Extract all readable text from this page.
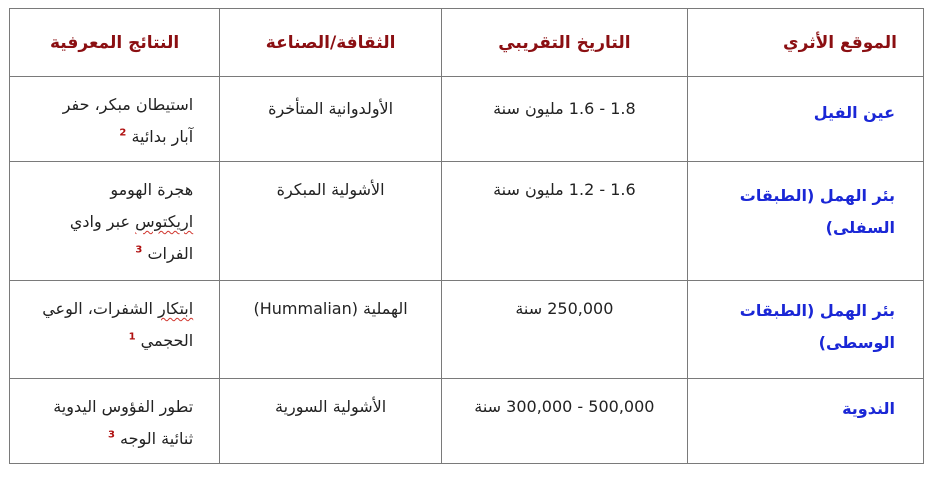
الموقع الأثري	التاريخ التقريبي	الثقافة/الصناعة	النتائج المعرفية
عين الفيل	1.8 - 1.6 مليون سنة	الأولدوانية المتأخرة	استيطان مبكر، حفر
آبار بدائية $^2$
بئر الهمل (الطبقات السفلى)	1.6 - 1.2 مليون سنة	الأشولية المبكرة	هجرة الهومو
اريكتوس عبر وادي
الفرات $^3$
بئر الهمل (الطبقات الوسطى)	250,000 سنة	الهملية (Hummalian)	ابتكار الشفرات، الوعي
الحجمي $^1$
الندوية	500,000 - 300,000 سنة	الأشولية السورية	تطور الفؤوس اليدوية
ثنائية الوجه $^3$
